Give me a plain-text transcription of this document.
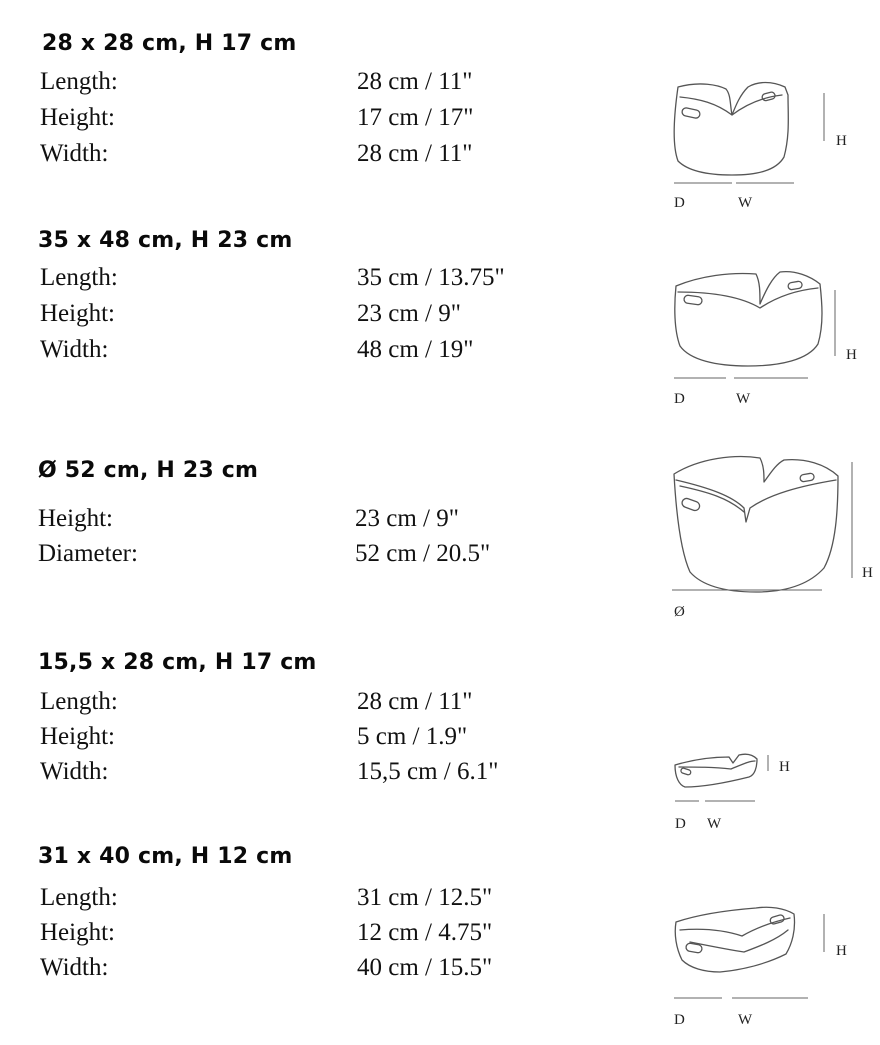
28 x 28 cm, H 17 cm
Length:	28 cm / 11"
Height:	17 cm / 17"
Width:	28 cm / 11"	H
D	W
35 x 48 cm, H 23 cm
Length:	35 cm / 13.75"
Height:	23 cm / 9"
Width:	48 cm / 19"	H
D	W
Ø 52 cm, H 23 cm
Height:	23 cm / 9"
Diameter:	52 cm / 20.5"
H
Ø
15,5 x 28 cm, H 17 cm
Length:	28 cm / 11"
Height:	5 cm / 1.9"
Width:	15,5 cm / 6.1"	H
D W
31 x 40 cm, H 12 cm
Length:	31 cm / 12.5"
Height:	12 cm / 4.75"
Width:	40 cm / 15.5"
H
D	W
